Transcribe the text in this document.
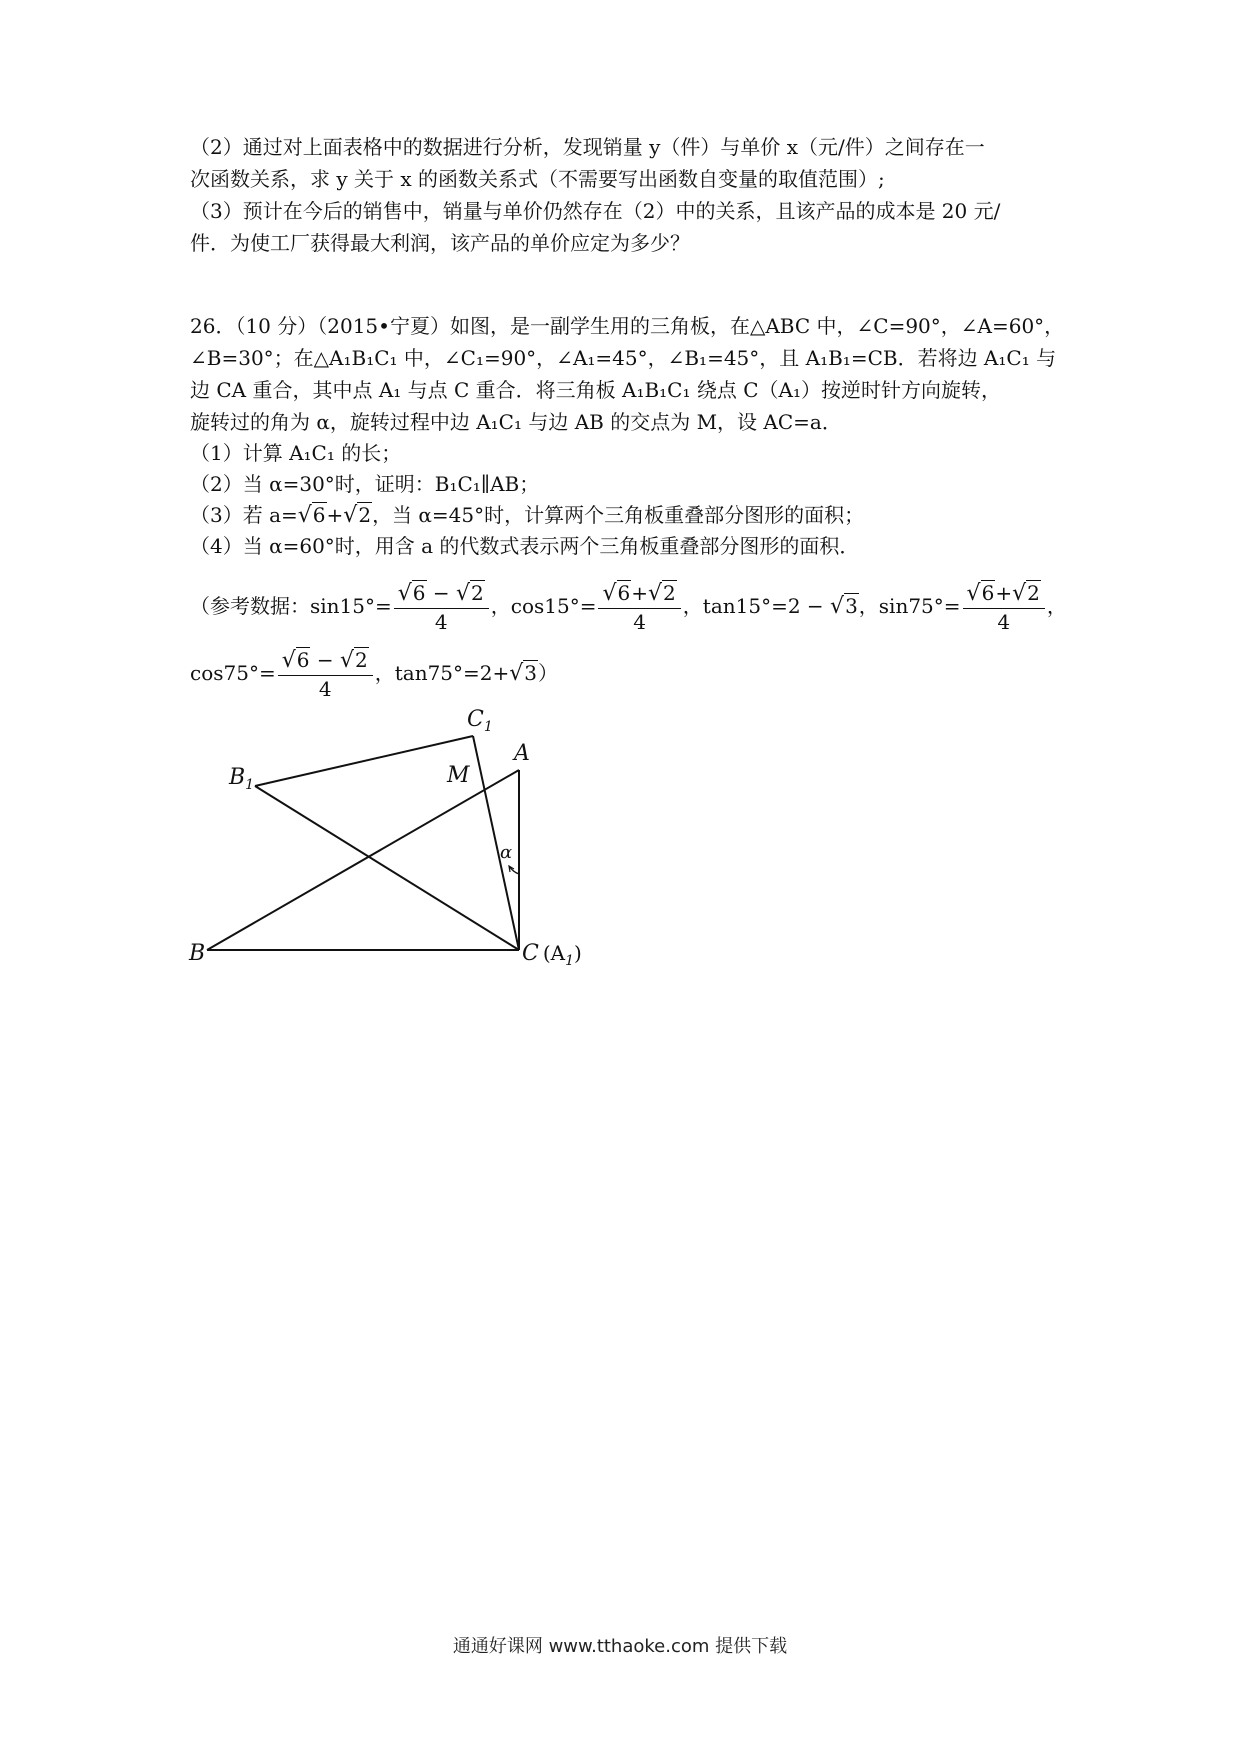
（2）通过对上面表格中的数据进行分析，发现销量 y（件）与单价 x（元/件）之间存在一
次函数关系，求 y 关于 x 的函数关系式（不需要写出函数自变量的取值范围）;
（3）预计在今后的销售中，销量与单价仍然存在（2）中的关系，且该产品的成本是 20 元/
件．为使工厂获得最大利润，该产品的单价应定为多少？
26．（10 分）（2015•宁夏）如图，是一副学生用的三角板，在△ABC 中，∠C=90°，∠A=60°，
∠B=30°；在△A₁B₁C₁ 中，∠C₁=90°，∠A₁=45°，∠B₁=45°，且 A₁B₁=CB．若将边 A₁C₁ 与
边 CA 重合，其中点 A₁ 与点 C 重合．将三角板 A₁B₁C₁ 绕点 C（A₁）按逆时针方向旋转，
旋转过的角为 α，旋转过程中边 A₁C₁ 与边 AB 的交点为 M，设 AC=a．
（1）计算 A₁C₁ 的长；
（2）当 α=30°时，证明：B₁C₁∥AB；
（3）若 a=√6+√2，当 α=45°时，计算两个三角板重叠部分图形的面积；
（4）当 α=60°时，用含 a 的代数式表示两个三角板重叠部分图形的面积．
（参考数据：$\sin 15^\circ= \frac{√6 - √2}{4}$ ，$\cos 15^\circ= \frac{√6+√2}{4}$ ，tan15°=2 − √3，$\sin 75^\circ= \frac{√6+√2}{4}$ ，
$\cos 75^\circ= \frac{√6 - √2}{4}$ ，tan75°=2+√3）
$C_1$
A
$B_1$	M
α
B	C $(A_1)$
通通好课网 www.tthaoke.com 提供下载
